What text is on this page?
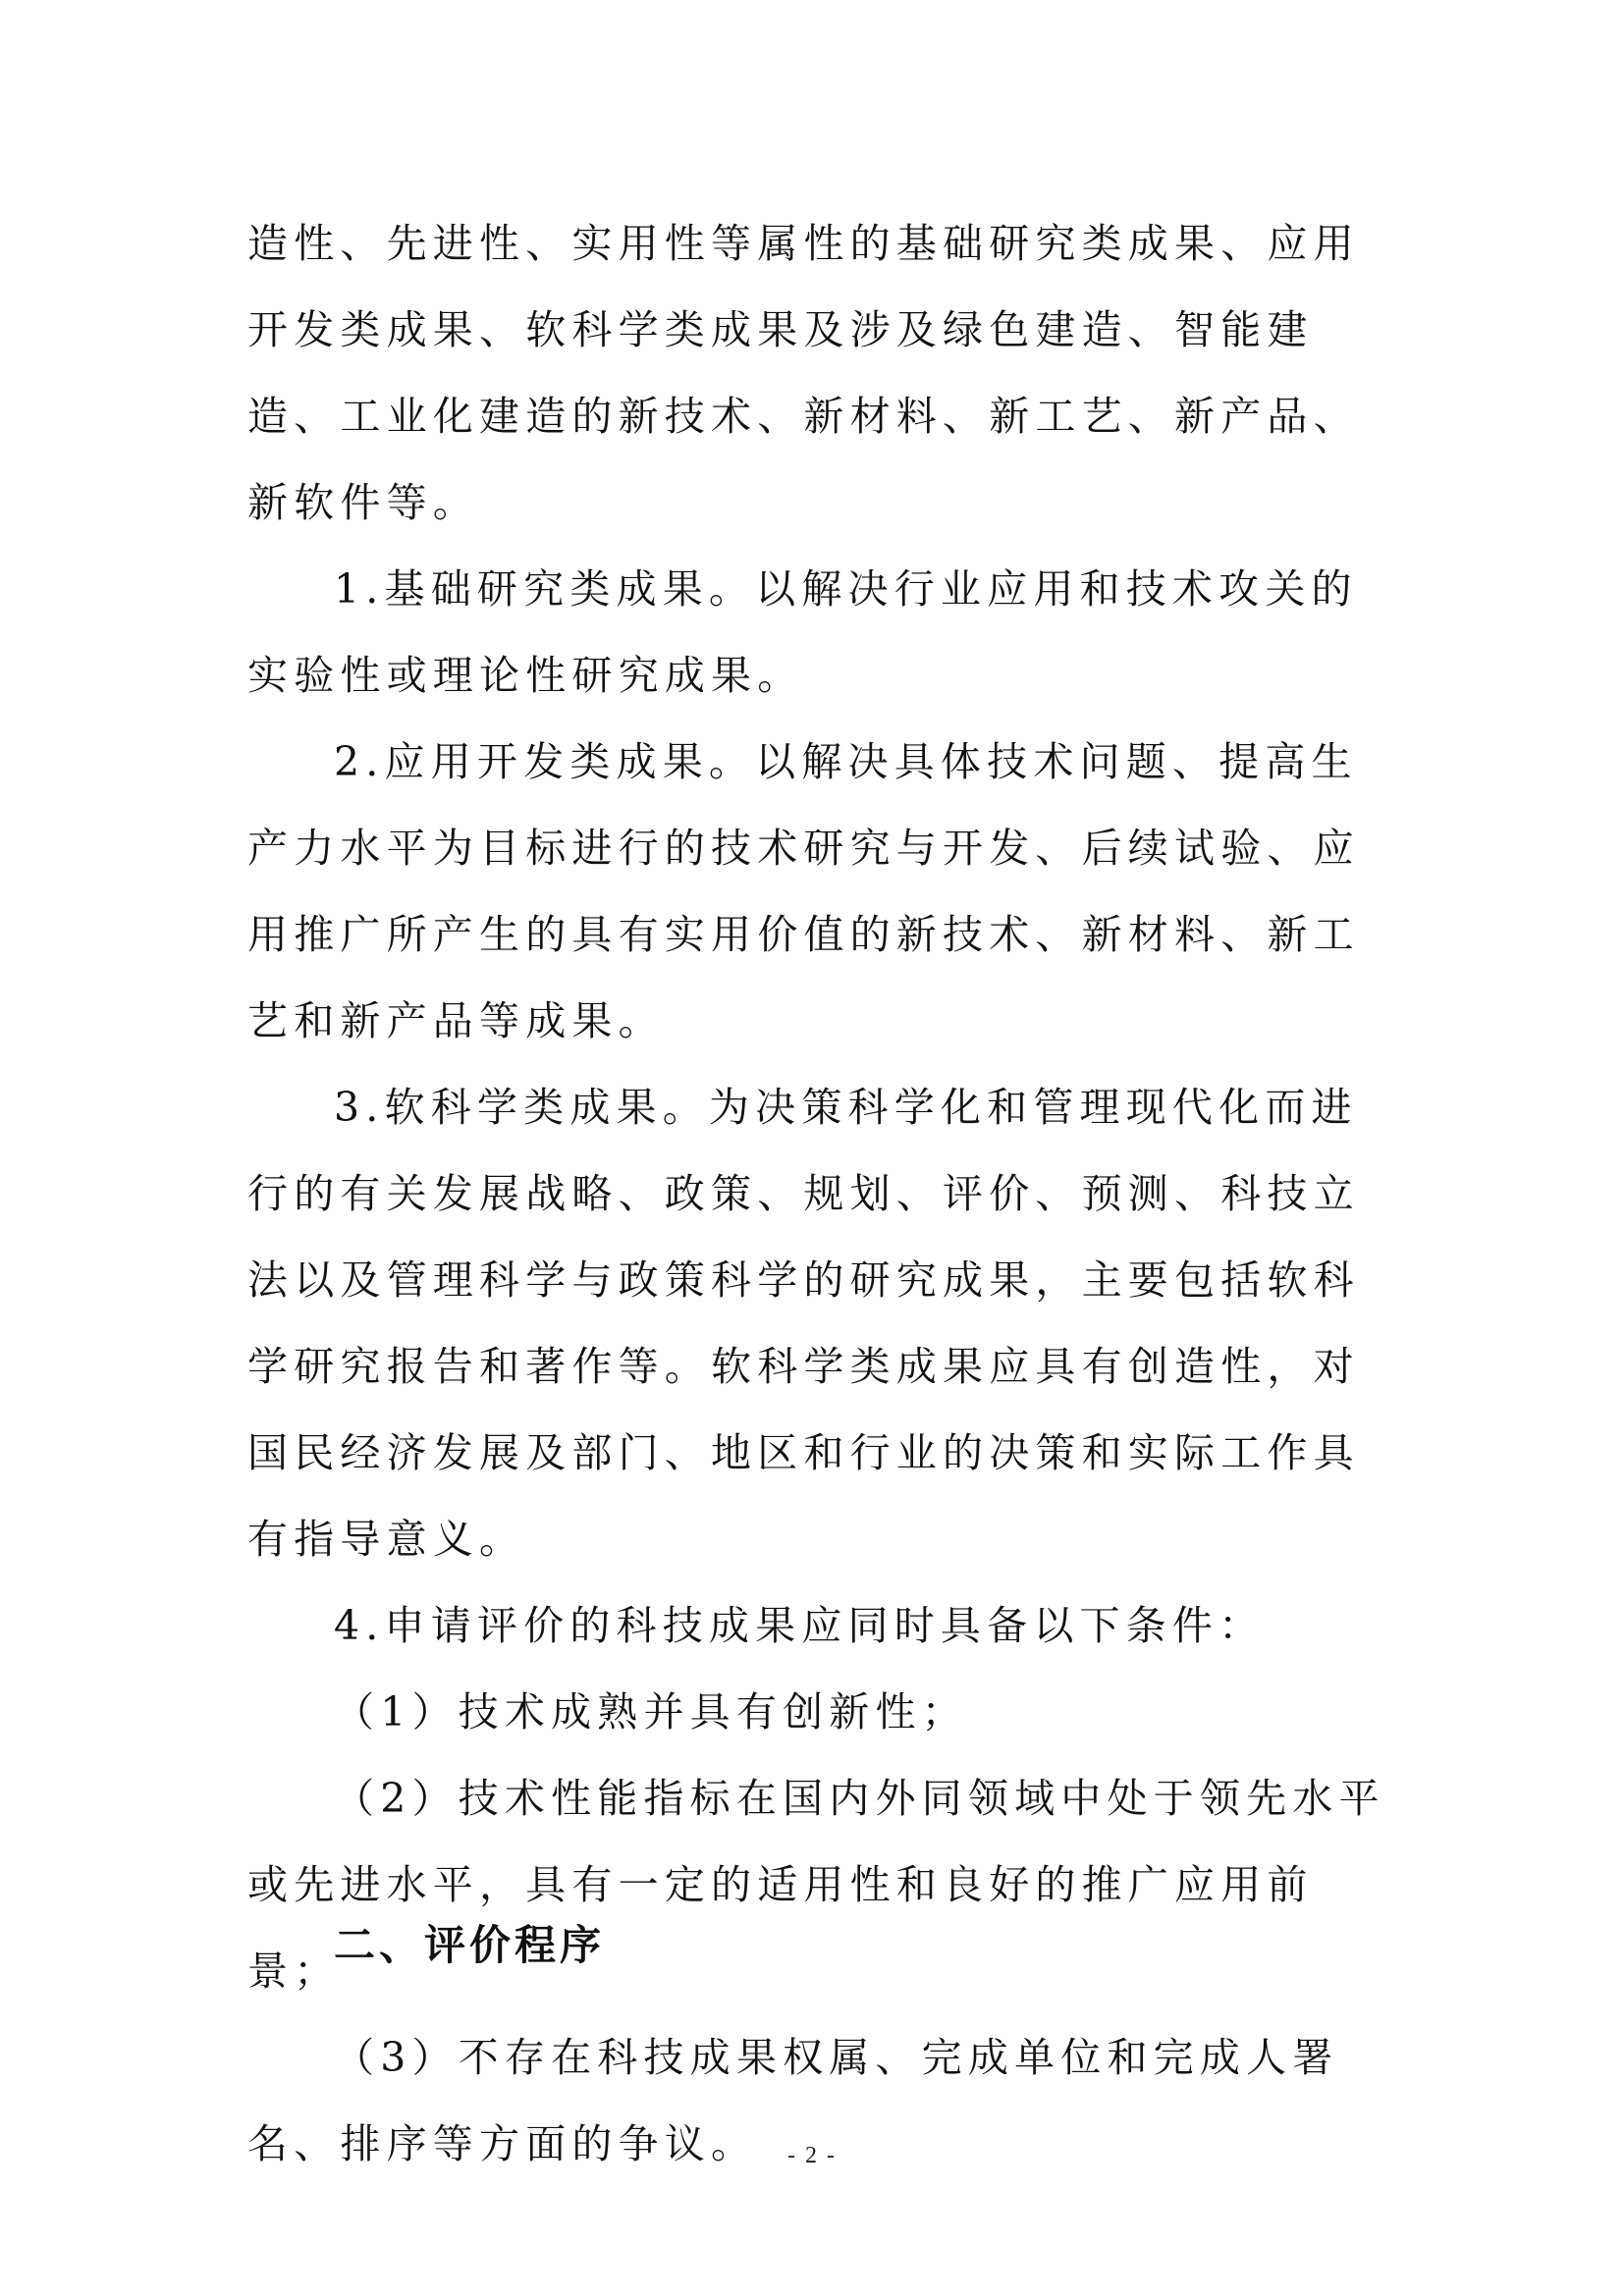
造性、先进性、实用性等属性的基础研究类成果、应用开发类成果、软科学类成果及涉及绿色建造、智能建造、工业化建造的新技术、新材料、新工艺、新产品、新软件等。

1.基础研究类成果。以解决行业应用和技术攻关的实验性或理论性研究成果。

2.应用开发类成果。以解决具体技术问题、提高生产力水平为目标进行的技术研究与开发、后续试验、应用推广所产生的具有实用价值的新技术、新材料、新工艺和新产品等成果。

3.软科学类成果。为决策科学化和管理现代化而进行的有关发展战略、政策、规划、评价、预测、科技立法以及管理科学与政策科学的研究成果，主要包括软科学研究报告和著作等。软科学类成果应具有创造性，对国民经济发展及部门、地区和行业的决策和实际工作具有指导意义。

4.申请评价的科技成果应同时具备以下条件：

（1）技术成熟并具有创新性；

（2）技术性能指标在国内外同领域中处于领先水平或先进水平，具有一定的适用性和良好的推广应用前景；

（3）不存在科技成果权属、完成单位和完成人署名、排序等方面的争议。

二、评价程序
- 2 -
